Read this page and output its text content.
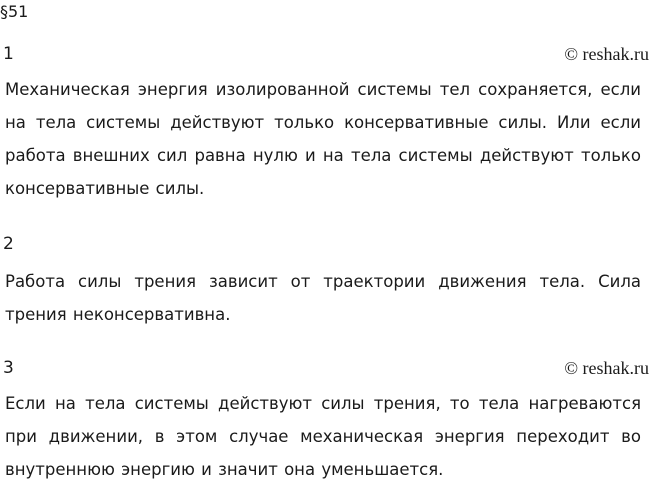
§51
1	© reshak.ru
Механическая энергия изолированной системы тел сохраняется, если на тела системы действуют только консервативные силы. Или если работа внешних сил равна нулю и на тела системы действуют только консервативные силы.
2
Работа силы трения зависит от траектории движения тела. Сила трения неконсервативна.
3	© reshak.ru
Если на тела системы действуют силы трения, то тела нагреваются при движении, в этом случае механическая энергия переходит во внутреннюю энергию и значит она уменьшается.
